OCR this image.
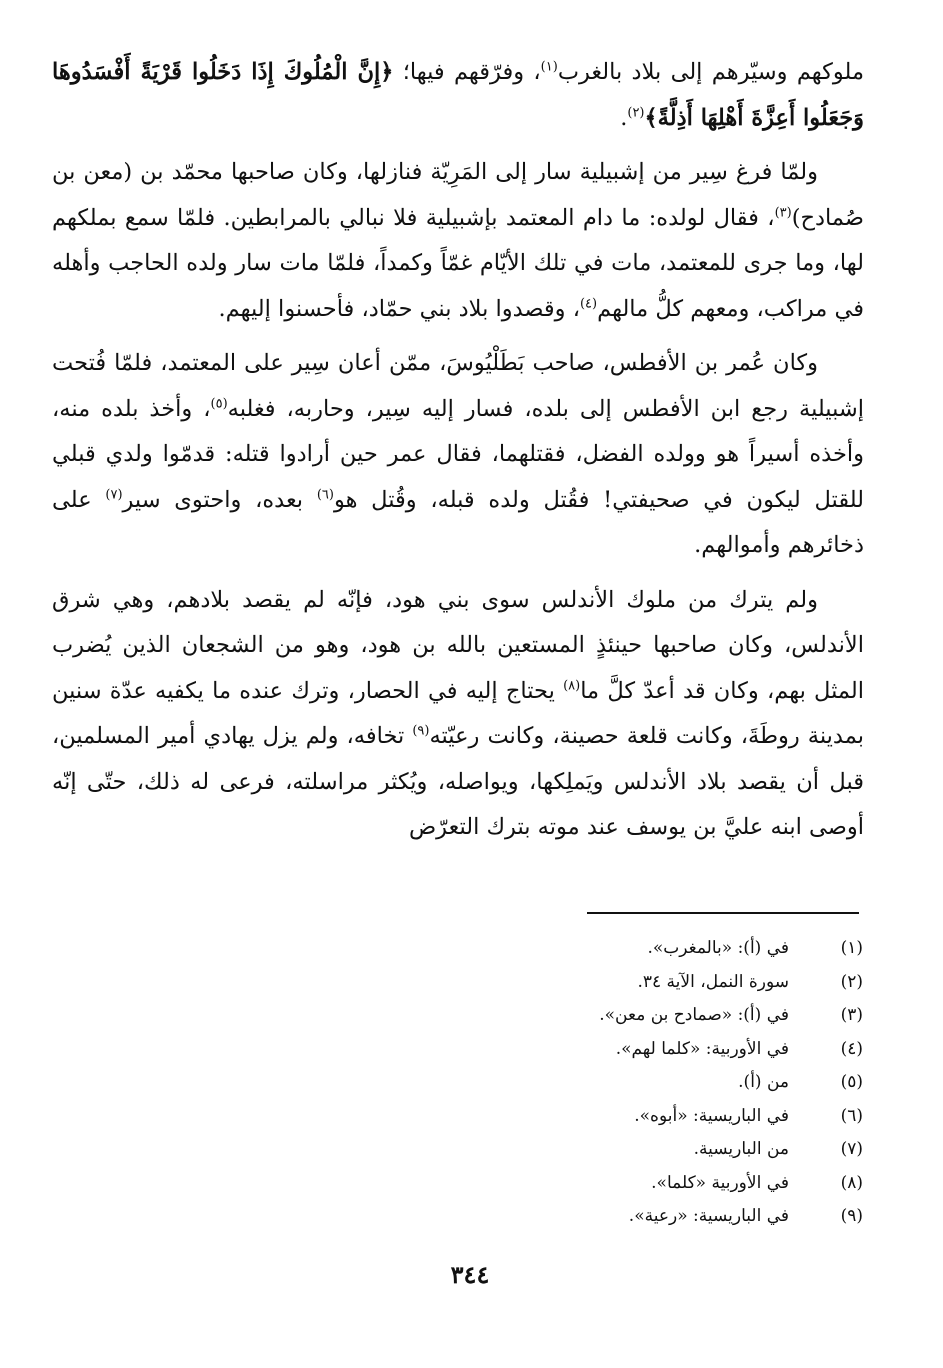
ملوكهم وسيّرهم إلى بلاد بالغرب$^{(١)}$، وفرّقهم فيها؛ ﴿إِنَّ الْمُلُوكَ إِذَا دَخَلُوا قَرْيَةً أَفْسَدُوهَا وَجَعَلُوا أَعِزَّةَ أَهْلِهَا أَذِلَّةً﴾$^{(٢)}$.

ولمّا فرغ سِير من إشبيلية سار إلى المَرِيّة فنازلها، وكان صاحبها محمّد بن (معن بن صُمادح)$^{(٣)}$، فقال لولده: ما دام المعتمد بإشبيلية فلا نبالي بالمرابطين. فلمّا سمع بملكهم لها، وما جرى للمعتمد، مات في تلك الأيّام غمّاً وكمداً، فلمّا مات سار ولده الحاجب وأهله في مراكب، ومعهم كلُّ مالهم$^{(٤)}$، وقصدوا بلاد بني حمّاد، فأحسنوا إليهم.

وكان عُمر بن الأفطس، صاحب بَطَلْيُوسَ، ممّن أعان سِير على المعتمد، فلمّا فُتحت إشبيلية رجع ابن الأفطس إلى بلده، فسار إليه سِير، وحاربه، فغلبه$^{(٥)}$، وأخذ بلده منه، وأخذه أسيراً هو وولده الفضل، فقتلهما، فقال عمر حين أرادوا قتله: قدمّوا ولدي قبلي للقتل ليكون في صحيفتي! فقُتل ولده قبله، وقُتل هو$^{(٦)}$ بعده، واحتوى سير$^{(٧)}$ على ذخائرهم وأموالهم.

ولم يترك من ملوك الأندلس سوى بني هود، فإنّه لم يقصد بلادهم، وهي شرق الأندلس، وكان صاحبها حينئذٍ المستعين بالله بن هود، وهو من الشجعان الذين يُضرب المثل بهم، وكان قد أعدّ كلَّ ما$^{(٨)}$ يحتاج إليه في الحصار، وترك عنده ما يكفيه عدّة سنين بمدينة روطَةَ، وكانت قلعة حصينة، وكانت رعيّته$^{(٩)}$ تخافه، ولم يزل يهادي أمير المسلمين، قبل أن يقصد بلاد الأندلس ويَملِكها، ويواصله، ويُكثر مراسلته، فرعى له ذلك، حتّى إنّه أوصى ابنه عليَّ بن يوسف عند موته بترك التعرّض

(١)
في (أ): «بالمغرب».
(٢)
سورة النمل، الآية ٣٤.
(٣)
في (أ): «صمادح بن معن».
(٤)
في الأوربية: «كلما لهم».
(٥)
من (أ).
(٦)
في الباريسية: «أبوه».
(٧)
من الباريسية.
(٨)
في الأوربية «كلما».
(٩)
في الباريسية: «رعية».
٣٤٤
